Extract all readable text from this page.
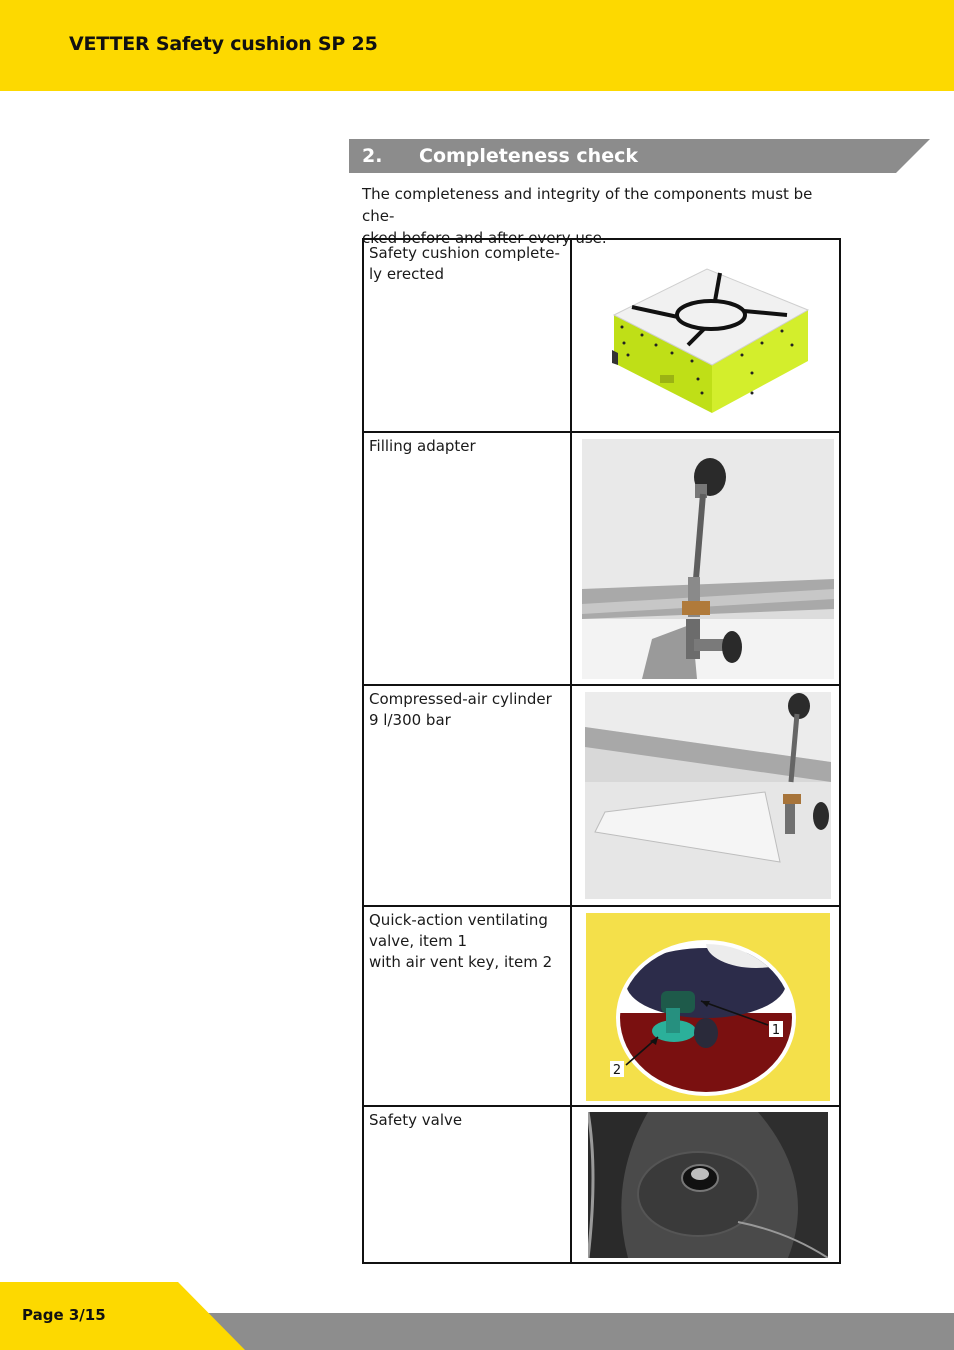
VETTER Safety cushion SP 25
2. Completeness check
The completeness and integrity of the components must be che-
cked before and after every use.
Safety cushion complete-
ly erected

Filling adapter

Compressed-air cylinder
9 l/300 bar

Quick-action ventilating
valve, item 1
with air vent key, item 2	1
2

Safety valve

Page 3/15
